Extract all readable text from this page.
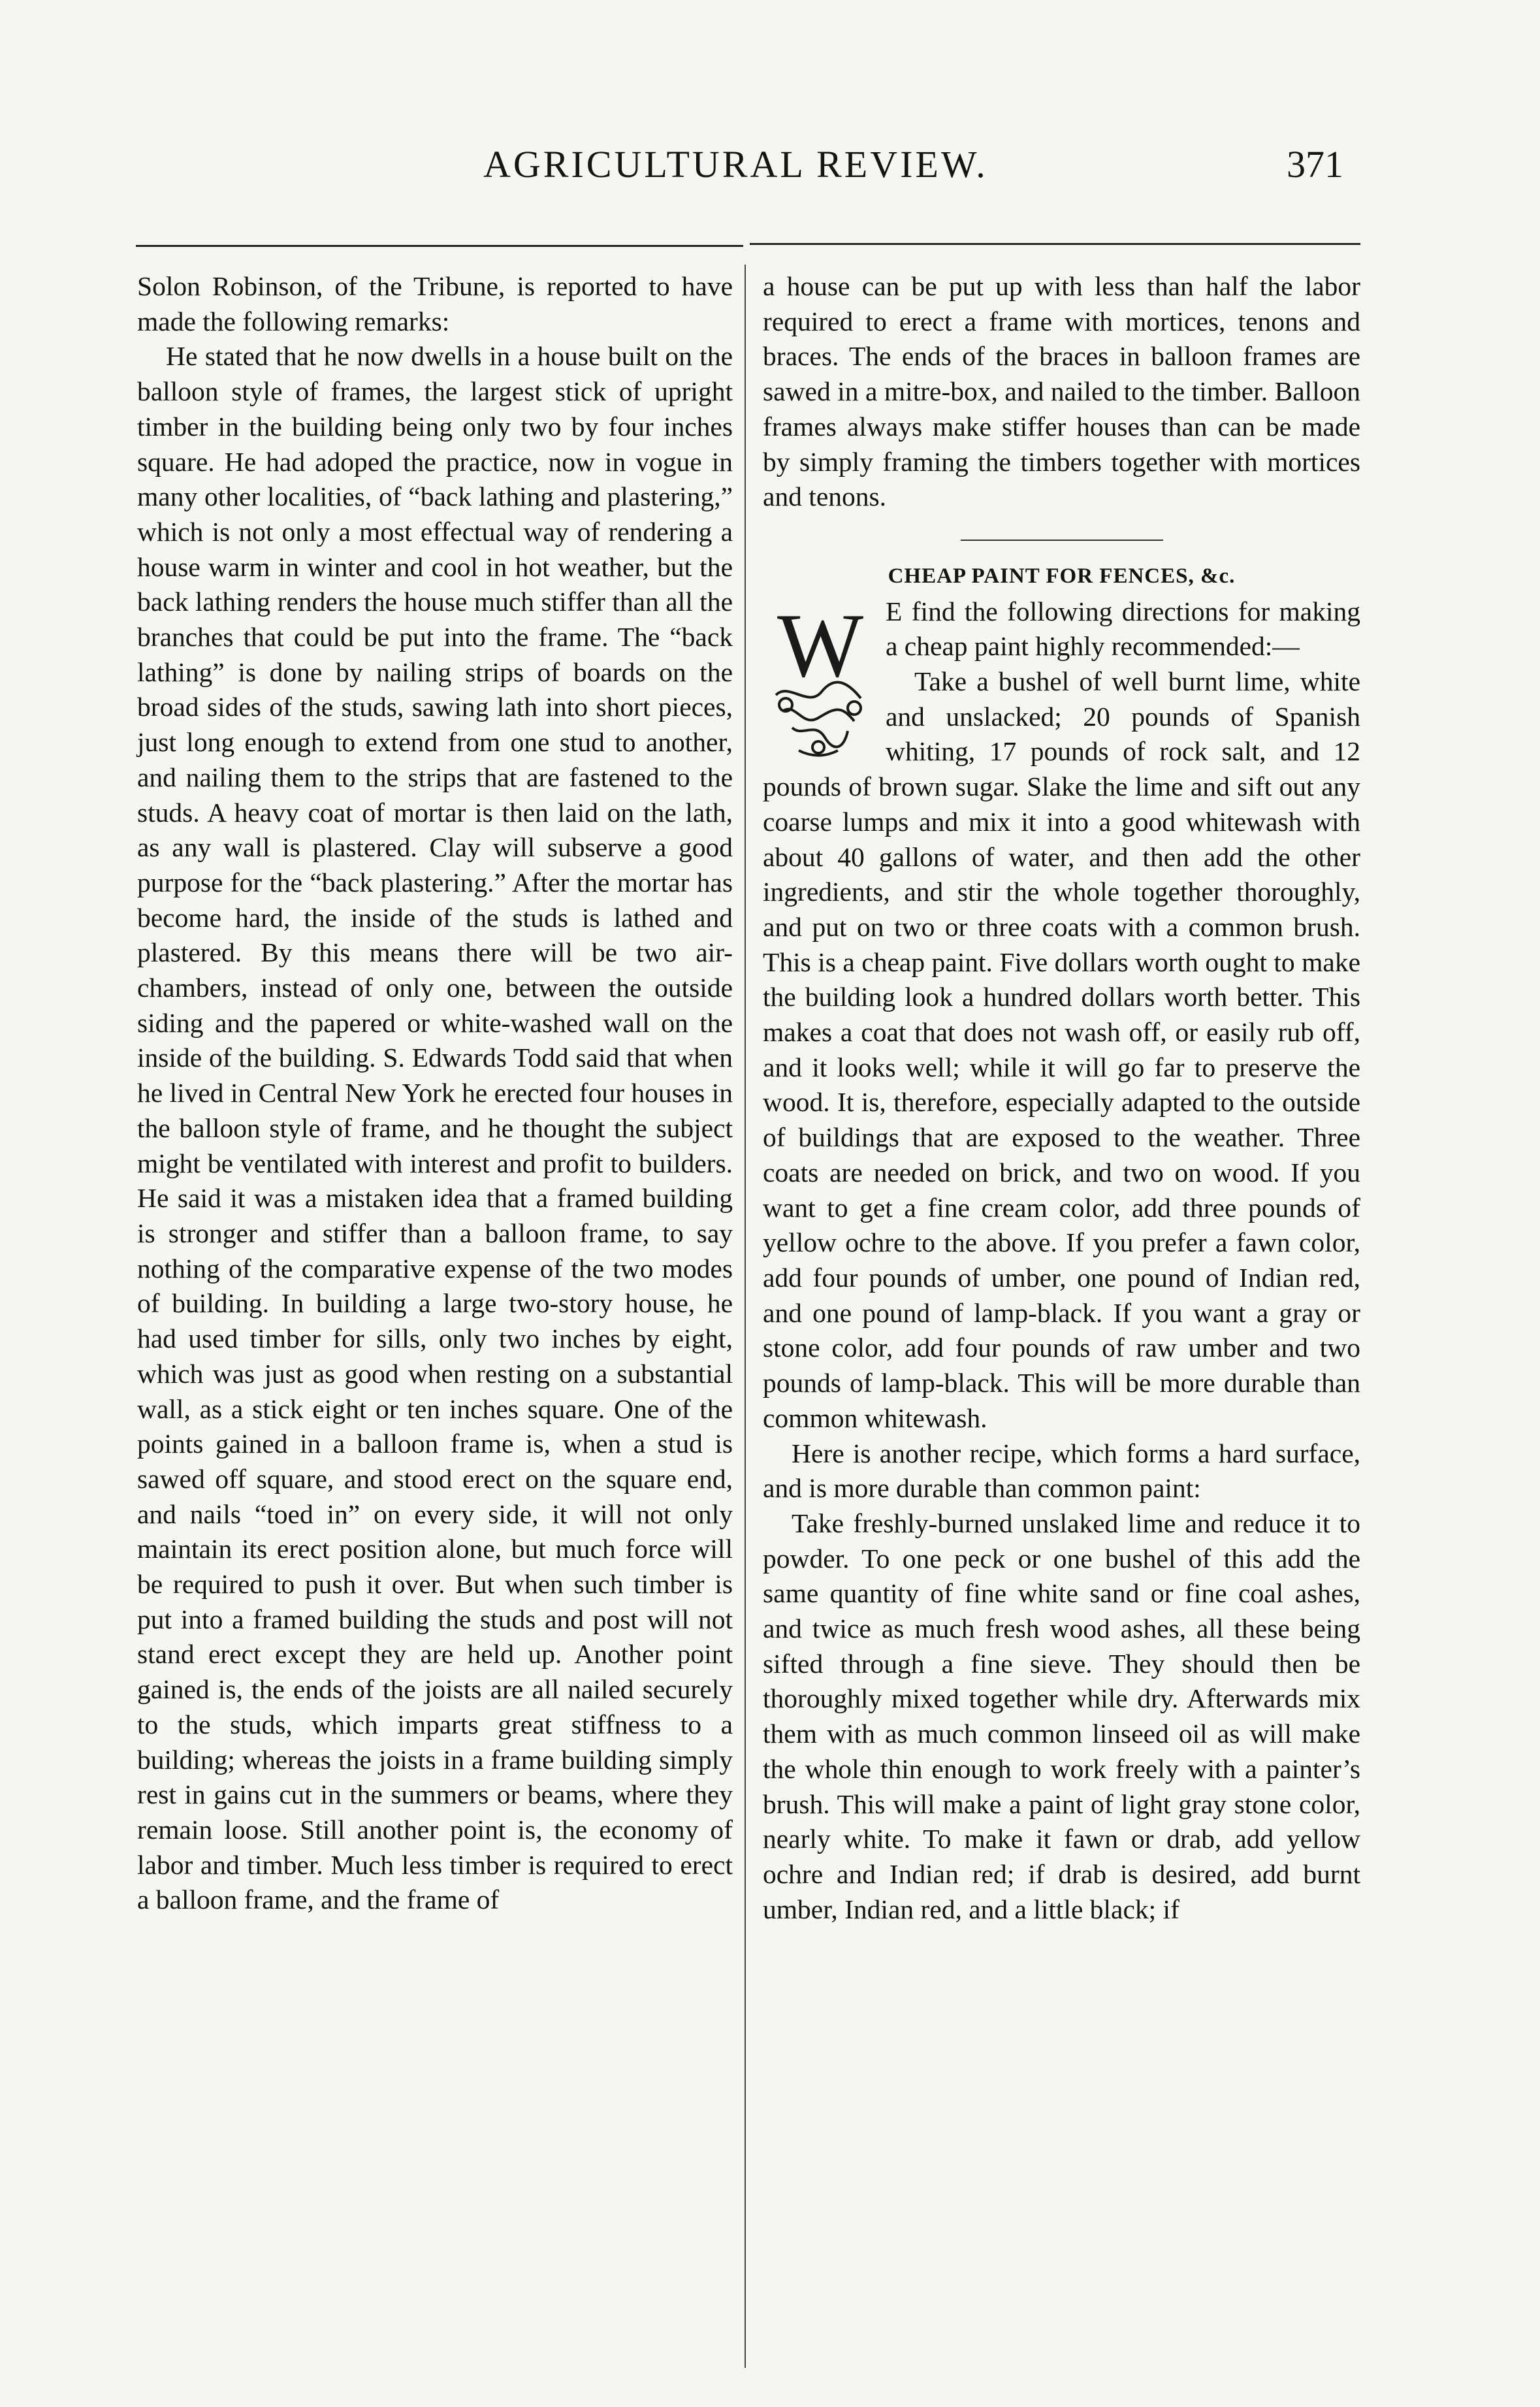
AGRICULTURAL REVIEW.	371

Solon Robinson, of the Tribune, is reported to have made the following remarks:

He stated that he now dwells in a house built on the balloon style of frames, the largest stick of upright timber in the building being only two by four inches square. He had adoped the practice, now in vogue in many other localities, of “back lathing and plastering,” which is not only a most effectual way of rendering a house warm in winter and cool in hot weather, but the back lathing renders the house much stiffer than all the branches that could be put into the frame. The “back lathing” is done by nailing strips of boards on the broad sides of the studs, sawing lath into short pieces, just long enough to extend from one stud to another, and nailing them to the strips that are fastened to the studs. A heavy coat of mortar is then laid on the lath, as any wall is plastered. Clay will subserve a good purpose for the “back plastering.” After the mortar has become hard, the inside of the studs is lathed and plastered. By this means there will be two air-chambers, instead of only one, between the outside siding and the papered or white-washed wall on the inside of the building. S. Edwards Todd said that when he lived in Central New York he erected four houses in the balloon style of frame, and he thought the subject might be ventilated with interest and profit to builders. He said it was a mistaken idea that a framed building is stronger and stiffer than a balloon frame, to say nothing of the comparative expense of the two modes of building. In building a large two-story house, he had used timber for sills, only two inches by eight, which was just as good when resting on a substantial wall, as a stick eight or ten inches square. One of the points gained in a balloon frame is, when a stud is sawed off square, and stood erect on the square end, and nails “toed in” on every side, it will not only maintain its erect position alone, but much force will be required to push it over. But when such timber is put into a framed building the studs and post will not stand erect except they are held up. Another point gained is, the ends of the joists are all nailed securely to the studs, which imparts great stiffness to a building; whereas the joists in a frame building simply rest in gains cut in the summers or beams, where they remain loose. Still another point is, the economy of labor and timber. Much less timber is required to erect a balloon frame, and the frame of

a house can be put up with less than half the labor required to erect a frame with mortices, tenons and braces. The ends of the braces in balloon frames are sawed in a mitre-box, and nailed to the timber. Balloon frames always make stiffer houses than can be made by simply framing the timbers together with mortices and tenons.

CHEAP PAINT FOR FENCES, &c.

W E find the following directions for making a cheap paint highly recommended:—

Take a bushel of well burnt lime, white and unslacked; 20 pounds of Spanish whiting, 17 pounds of rock salt, and 12 pounds of brown sugar. Slake the lime and sift out any coarse lumps and mix it into a good whitewash with about 40 gallons of water, and then add the other ingredients, and stir the whole together thoroughly, and put on two or three coats with a common brush. This is a cheap paint. Five dollars worth ought to make the building look a hundred dollars worth better. This makes a coat that does not wash off, or easily rub off, and it looks well; while it will go far to preserve the wood. It is, therefore, especially adapted to the outside of buildings that are exposed to the weather. Three coats are needed on brick, and two on wood. If you want to get a fine cream color, add three pounds of yellow ochre to the above. If you prefer a fawn color, add four pounds of umber, one pound of Indian red, and one pound of lamp-black. If you want a gray or stone color, add four pounds of raw umber and two pounds of lamp-black. This will be more durable than common whitewash.

Here is another recipe, which forms a hard surface, and is more durable than common paint:

Take freshly-burned unslaked lime and reduce it to powder. To one peck or one bushel of this add the same quantity of fine white sand or fine coal ashes, and twice as much fresh wood ashes, all these being sifted through a fine sieve. They should then be thoroughly mixed together while dry. Afterwards mix them with as much common linseed oil as will make the whole thin enough to work freely with a painter’s brush. This will make a paint of light gray stone color, nearly white. To make it fawn or drab, add yellow ochre and Indian red; if drab is desired, add burnt umber, Indian red, and a little black; if
